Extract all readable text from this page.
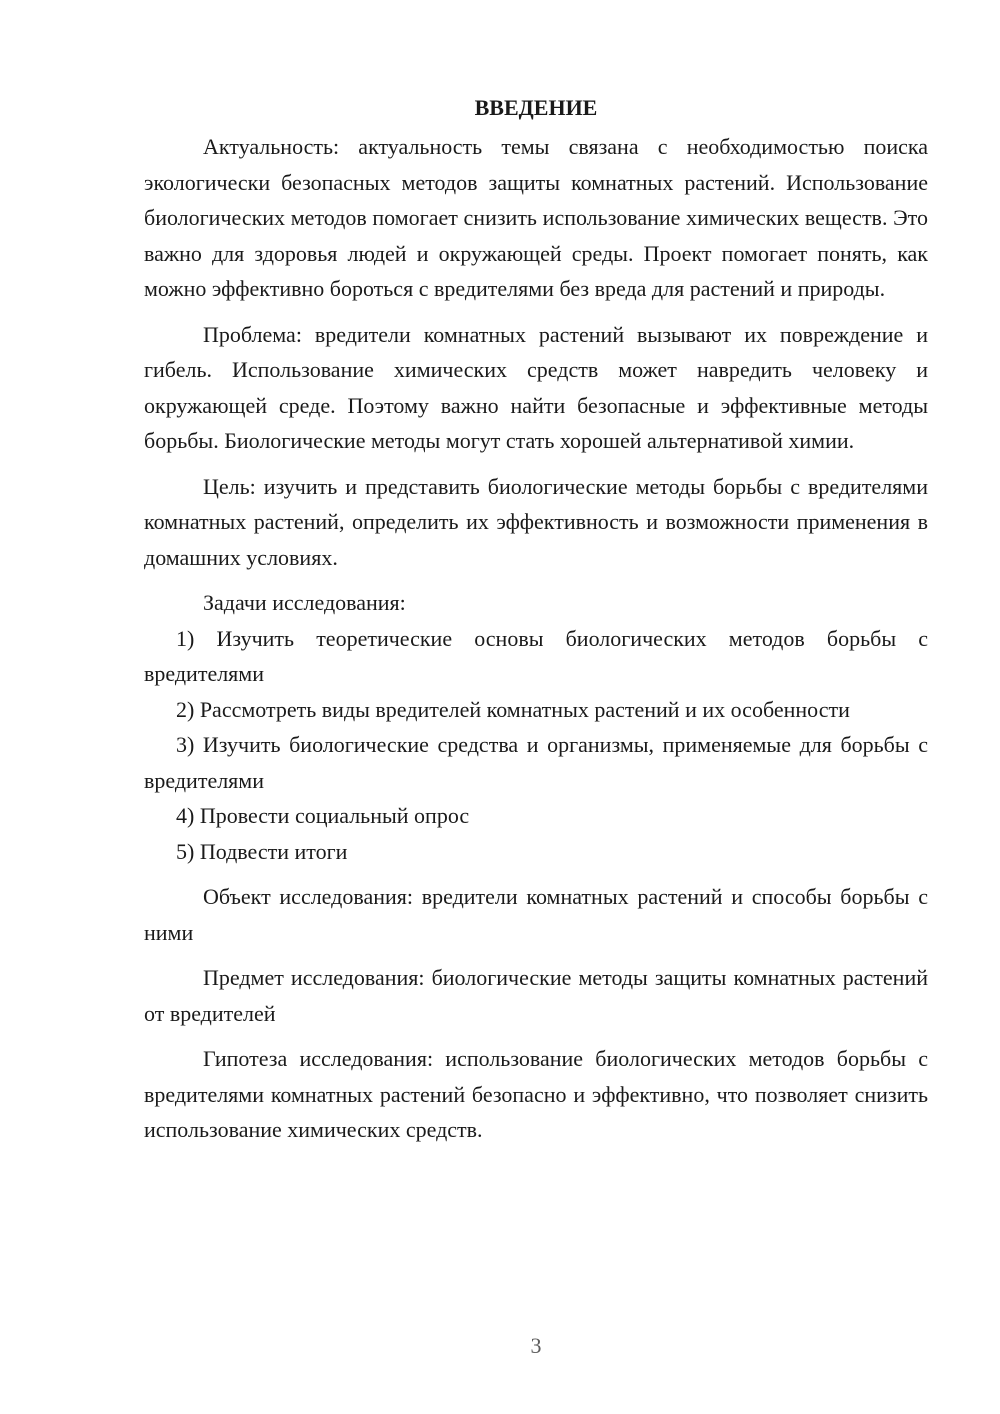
ВВЕДЕНИЕ

Актуальность: актуальность темы связана с необходимостью поиска экологически безопасных методов защиты комнатных растений. Использование биологических методов помогает снизить использование химических веществ. Это важно для здоровья людей и окружающей среды. Проект помогает понять, как можно эффективно бороться с вредителями без вреда для растений и природы.

Проблема: вредители комнатных растений вызывают их повреждение и гибель. Использование химических средств может навредить человеку и окружающей среде. Поэтому важно найти безопасные и эффективные методы борьбы. Биологические методы могут стать хорошей альтернативой химии.

Цель: изучить и представить биологические методы борьбы с вредителями комнатных растений, определить их эффективность и возможности применения в домашних условиях.

Задачи исследования:

1) Изучить теоретические основы биологических методов борьбы с вредителями

2) Рассмотреть виды вредителей комнатных растений и их особенности

3) Изучить биологические средства и организмы, применяемые для борьбы с вредителями

4) Провести социальный опрос

5) Подвести итоги

Объект исследования: вредители комнатных растений и способы борьбы с ними

Предмет исследования: биологические методы защиты комнатных растений от вредителей

Гипотеза исследования: использование биологических методов борьбы с вредителями комнатных растений безопасно и эффективно, что позволяет снизить использование химических средств.

3
